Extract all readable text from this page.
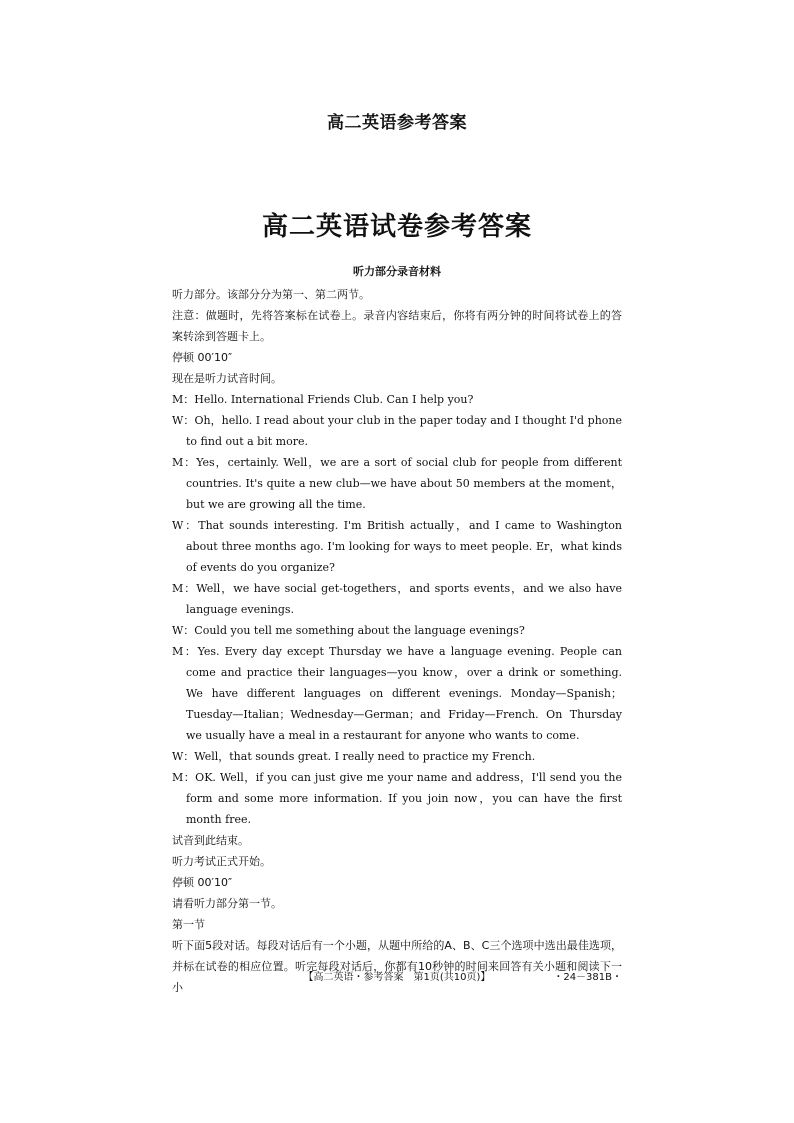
高二英语参考答案
高二英语试卷参考答案
听力部分录音材料

听力部分。该部分分为第一、第二两节。

注意：做题时，先将答案标在试卷上。录音内容结束后，你将有两分钟的时间将试卷上的答案转涂到答题卡上。

停顿 00′10″

现在是听力试音时间。

M：Hello. International Friends Club. Can I help you?

W：Oh，hello. I read about your club in the paper today and I thought I'd phone to find out a bit more.

M：Yes，certainly. Well，we are a sort of social club for people from different countries. It's quite a new club—we have about 50 members at the moment，but we are growing all the time.

W：That sounds interesting. I'm British actually，and I came to Washington about three months ago. I'm looking for ways to meet people. Er，what kinds of events do you organize?

M：Well，we have social get-togethers，and sports events，and we also have language evenings.

W：Could you tell me something about the language evenings?

M：Yes. Every day except Thursday we have a language evening. People can come and practice their languages—you know，over a drink or something. We have different languages on different evenings. Monday—Spanish；Tuesday—Italian；Wednesday—German；and Friday—French. On Thursday we usually have a meal in a restaurant for anyone who wants to come.

W：Well，that sounds great. I really need to practice my French.

M：OK. Well，if you can just give me your name and address，I'll send you the form and some more information. If you join now，you can have the first month free.

试音到此结束。

听力考试正式开始。

停顿 00′10″

请看听力部分第一节。

第一节

听下面5段对话。每段对话后有一个小题，从题中所给的A、B、C三个选项中选出最佳选项，并标在试卷的相应位置。听完每段对话后，你都有10秒钟的时间来回答有关小题和阅读下一小

【高二英语・参考答案　第1页(共10页)】	・24－381B・
